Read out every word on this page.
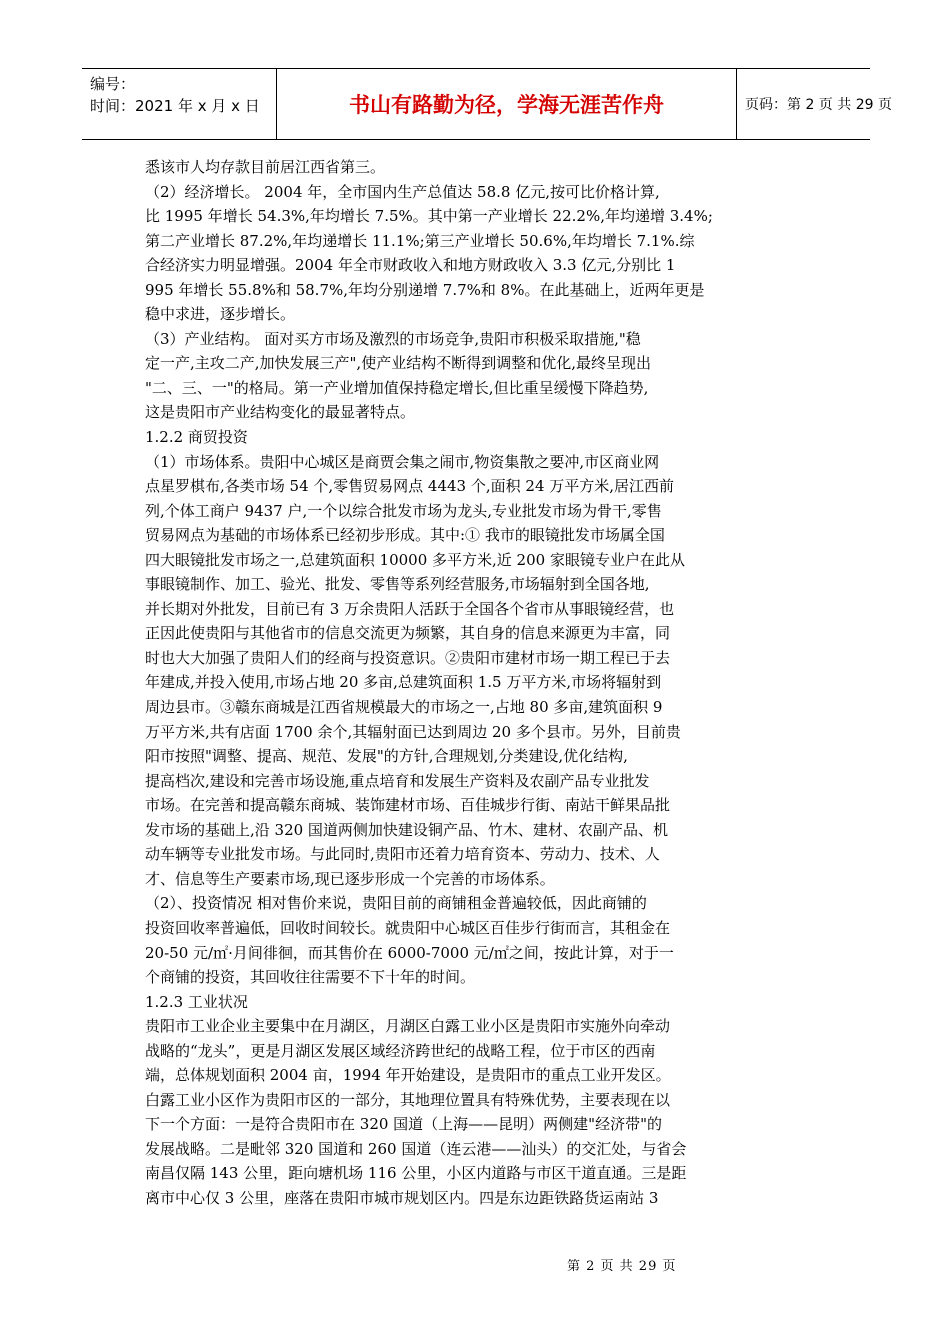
编号：
时间：2021 年 x 月 x 日	书山有路勤为径，学海无涯苦作舟	页码：第 2 页 共 29 页
悉该市人均存款目前居江西省第三。
（2）经济增长。 2004 年，全市国内生产总值达 58.8 亿元,按可比价格计算,
比 1995 年增长 54.3%,年均增长 7.5%。其中第一产业增长 22.2%,年均递增 3.4%;
第二产业增长 87.2%,年均递增长 11.1%;第三产业增长 50.6%,年均增长 7.1%.综
合经济实力明显增强。2004 年全市财政收入和地方财政收入 3.3 亿元,分别比 1
995 年增长 55.8%和 58.7%,年均分别递增 7.7%和 8%。在此基础上，近两年更是
稳中求进，逐步增长。
（3）产业结构。 面对买方市场及激烈的市场竞争,贵阳市积极采取措施,"稳
定一产,主攻二产,加快发展三产",使产业结构不断得到调整和优化,最终呈现出
"二、三、一"的格局。第一产业增加值保持稳定增长,但比重呈缓慢下降趋势,
这是贵阳市产业结构变化的最显著特点。
1.2.2 商贸投资
（1）市场体系。贵阳中心城区是商贾会集之闹市,物资集散之要冲,市区商业网
点星罗棋布,各类市场 54 个,零售贸易网点 4443 个,面积 24 万平方米,居江西前
列,个体工商户 9437 户,一个以综合批发市场为龙头,专业批发市场为骨干,零售
贸易网点为基础的市场体系已经初步形成。其中:① 我市的眼镜批发市场属全国
四大眼镜批发市场之一,总建筑面积 10000 多平方米,近 200 家眼镜专业户在此从
事眼镜制作、加工、验光、批发、零售等系列经营服务,市场辐射到全国各地,
并长期对外批发，目前已有 3 万余贵阳人活跃于全国各个省市从事眼镜经营，也
正因此使贵阳与其他省市的信息交流更为频繁，其自身的信息来源更为丰富，同
时也大大加强了贵阳人们的经商与投资意识。②贵阳市建材市场一期工程已于去
年建成,并投入使用,市场占地 20 多亩,总建筑面积 1.5 万平方米,市场将辐射到
周边县市。③赣东商城是江西省规模最大的市场之一,占地 80 多亩,建筑面积 9
万平方米,共有店面 1700 余个,其辐射面已达到周边 20 多个县市。另外，目前贵
阳市按照"调整、提高、规范、发展"的方针,合理规划,分类建设,优化结构,
提高档次,建设和完善市场设施,重点培育和发展生产资料及农副产品专业批发
市场。在完善和提高赣东商城、装饰建材市场、百佳城步行街、南站干鲜果品批
发市场的基础上,沿 320 国道两侧加快建设铜产品、竹木、建材、农副产品、机
动车辆等专业批发市场。与此同时,贵阳市还着力培育资本、劳动力、技术、人
才、信息等生产要素市场,现已逐步形成一个完善的市场体系。
（2）、投资情况 相对售价来说，贵阳目前的商铺租金普遍较低，因此商铺的
投资回收率普遍低，回收时间较长。就贵阳中心城区百佳步行街而言，其租金在
20-50 元/㎡·月间徘徊，而其售价在 6000-7000 元/㎡之间，按此计算，对于一
个商铺的投资，其回收往往需要不下十年的时间。
1.2.3 工业状况
贵阳市工业企业主要集中在月湖区，月湖区白露工业小区是贵阳市实施外向牵动
战略的“龙头”，更是月湖区发展区域经济跨世纪的战略工程，位于市区的西南
端，总体规划面积 2004 亩，1994 年开始建设，是贵阳市的重点工业开发区。
白露工业小区作为贵阳市区的一部分，其地理位置具有特殊优势，主要表现在以
下一个方面：一是符合贵阳市在 320 国道（上海——昆明）两侧建"经济带"的
发展战略。二是毗邻 320 国道和 260 国道（连云港——汕头）的交汇处，与省会
南昌仅隔 143 公里，距向塘机场 116 公里，小区内道路与市区干道直通。三是距
离市中心仅 3 公里，座落在贵阳市城市规划区内。四是东边距铁路货运南站 3
第 2 页 共 29 页
